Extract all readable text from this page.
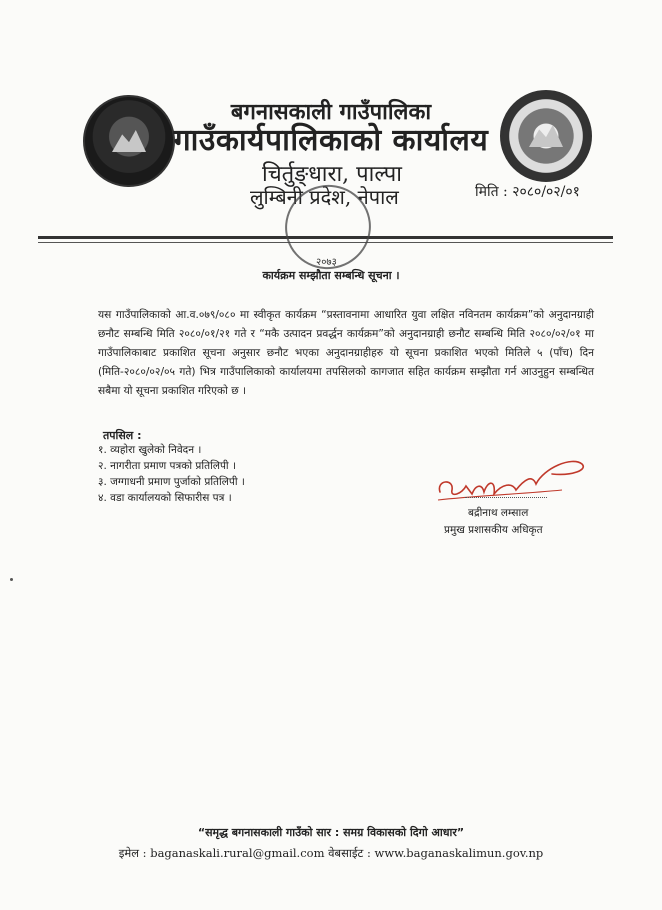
बगनासकाली गाउँपालिका
गाउँकार्यपालिकाको कार्यालय
चिर्तुङ्धारा, पाल्पा
लुम्बिनी प्रदेश, नेपाल	मिति : २०८०/०२/०१
२०७३
कार्यक्रम सम्झौता सम्बन्धि सूचना ।
यस गाउँपालिकाको आ.व.०७९/०८० मा स्वीकृत कार्यक्रम “प्रस्तावनामा आधारित युवा लक्षित नविनतम कार्यक्रम”को अनुदानग्राही छनौट सम्बन्धि मिति २०८०/०१/२१ गते र “मकै उत्पादन प्रवर्द्धन कार्यक्रम”को अनुदानग्राही छनौट सम्बन्धि मिति २०८०/०२/०१ मा गाउँपालिकाबाट प्रकाशित सूचना अनुसार छनौट भएका अनुदानग्राहीहरु यो सूचना प्रकाशित भएको मितिले ५ (पाँच) दिन (मिति-२०८०/०२/०५ गते) भित्र गाउँपालिकाको कार्यालयमा तपसिलको कागजात सहित कार्यक्रम सम्झौता गर्न आउनुहुन सम्बन्धित सबैमा यो सूचना प्रकाशित गरिएको छ ।
तपसिल :
१. व्यहोरा खुलेको निवेदन ।
२. नागरीता प्रमाण पत्रको प्रतिलिपी ।
३. जग्गाधनी प्रमाण पुर्जाको प्रतिलिपी ।
४. वडा कार्यालयको सिफारीस पत्र ।
बद्रीनाथ लम्साल
प्रमुख प्रशासकीय अधिकृत
“समृद्ध बगनासकाली गाउँको सार : समग्र विकासको दिगो आधार”
इमेल : baganaskali.rural@gmail.com वेबसाईट : www.baganaskalimun.gov.np
